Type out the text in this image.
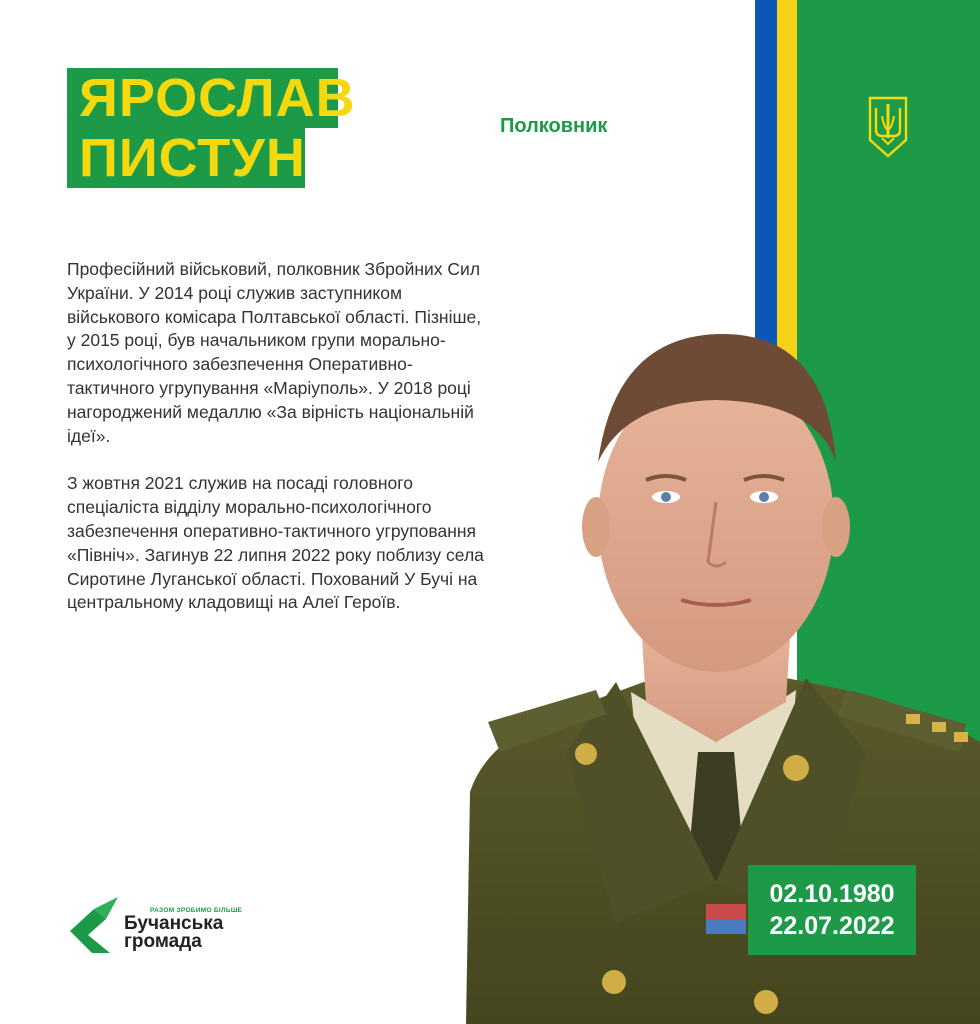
ЯРОСЛАВ
ПИСТУН
Полковник

Професійний військовий, полковник Збройних Сил України. У 2014 році служив заступником військового комісара Полтавської області. Пізніше, у 2015 році, був начальником групи морально-психологічного забезпечення Оперативно-тактичного угрупування «Маріуполь». У 2018 році нагороджений медаллю «За вірність національній ідеї».

З жовтня 2021 служив на посаді головного спеціаліста відділу морально-психологічного забезпечення оперативно-тактичного угруповання «Північ». Загинув 22 липня 2022 року поблизу села Сиротине Луганської області. Похований У Бучі на центральному кладовищі на Алеї Героїв.

02.10.1980
22.07.2022
РАЗОМ ЗРОБИМО БІЛЬШЕ
Бучанська
громада
